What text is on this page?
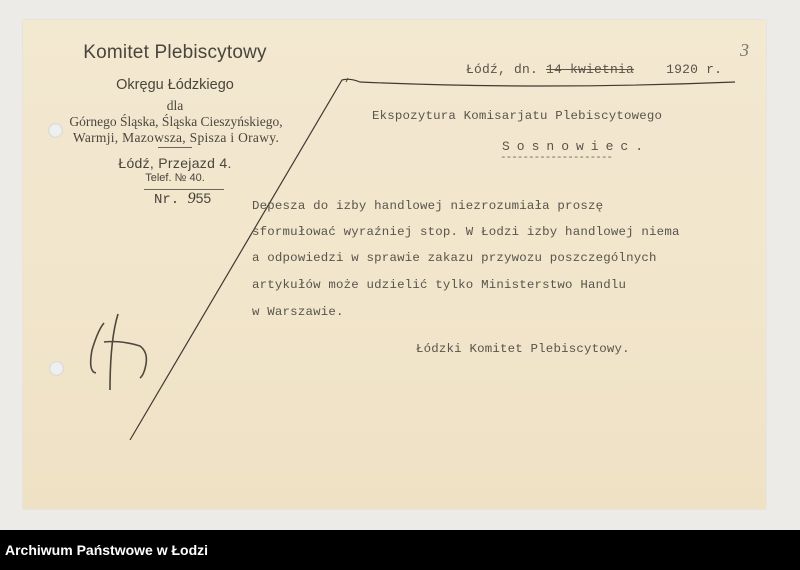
Komitet Plebiscytowy
Okręgu Łódzkiego
dla
Górnego Śląska, Śląska Cieszyńskiego,
Warmji, Mazowsza, Spisza i Orawy.
Łódź, Przejazd 4.
Telef. № 40.
Nr. 955
Łódź, dn. 14 kwietnia 1920 r.
3
Ekspozytura Komisarjatu Plebiscytowego
Sosnowiec.
--------------------
Depesza do izby handlowej niezrozumiała proszę
sformułować wyraźniej stop. W Łodzi izby handlowej niema
a odpowiedzi w sprawie zakazu przywozu poszczególnych
artykułów może udzielić tylko Ministerstwo Handlu
w Warszawie.
Łódzki Komitet Plebiscytowy.
Archiwum Państwowe w Łodzi
